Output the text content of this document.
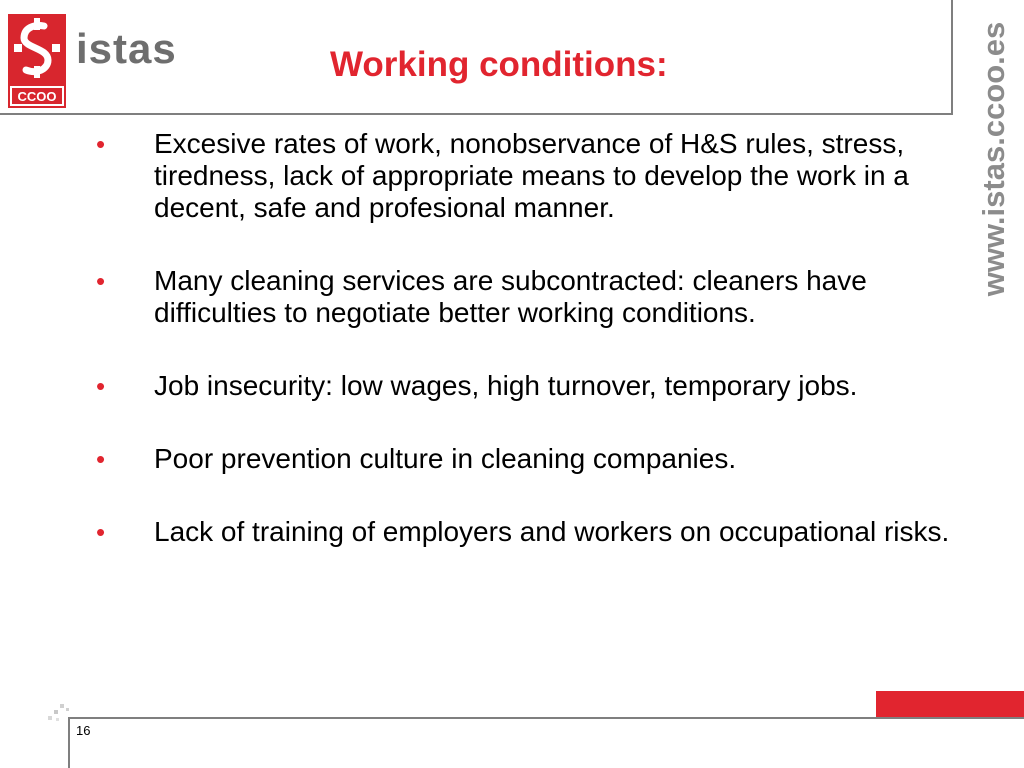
CCOO
istas	Working conditions:	www.istas.ccoo.es
• Excesive rates of work, nonobservance of H&S rules, stress, tiredness, lack of appropriate means to develop the work in a decent, safe and profesional manner.
• Many cleaning services are subcontracted: cleaners have difficulties to negotiate better working conditions.
• Job insecurity: low wages, high turnover, temporary jobs.
• Poor prevention culture in cleaning companies.
• Lack of training of employers and workers on occupational risks.
16
